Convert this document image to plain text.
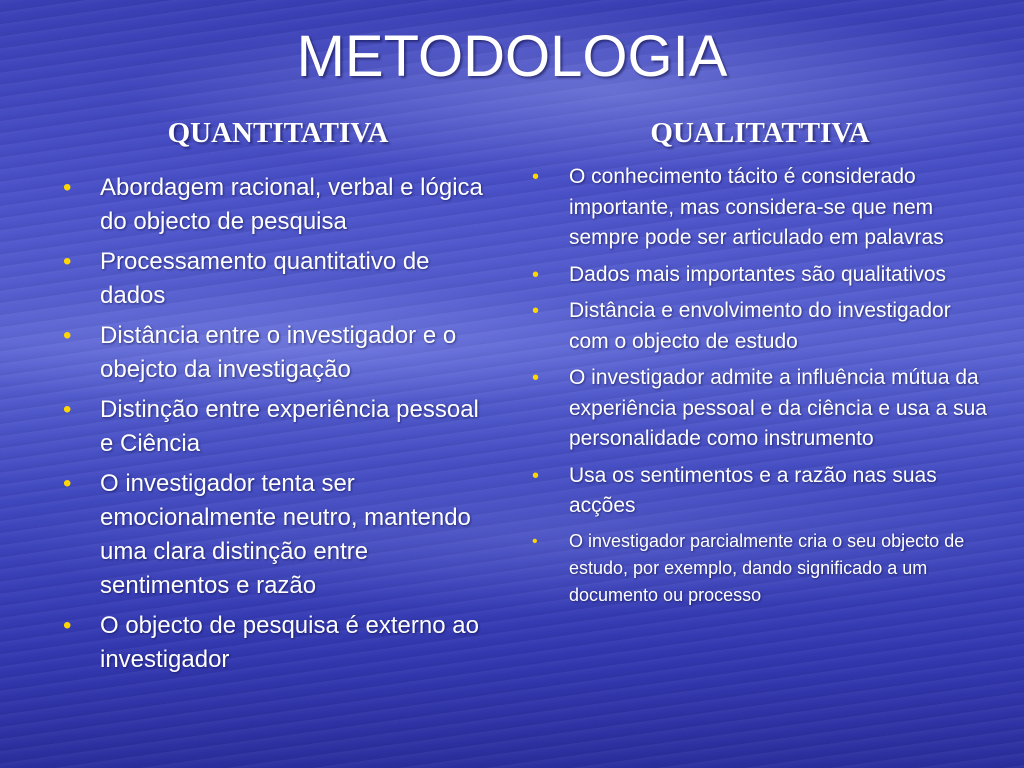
METODOLOGIA
QUANTITATIVA	QUALITATTIVA
• Abordagem racional, verbal e lógica do objecto de pesquisa
• Processamento quantitativo de dados
• Distância entre o investigador e o obejcto da investigação
• Distinção entre experiência pessoal e Ciência
• O investigador tenta ser emocionalmente neutro, mantendo uma clara distinção entre sentimentos e razão
• O objecto de pesquisa é externo ao investigador
• O conhecimento tácito é considerado importante, mas considera-se que nem sempre pode ser articulado em palavras
• Dados mais importantes são qualitativos
• Distância e envolvimento do investigador com o objecto de estudo
• O investigador admite a influência mútua da experiência pessoal e da ciência e usa a sua personalidade como instrumento
• Usa os sentimentos e a razão nas suas acções
• O investigador parcialmente cria o seu objecto de estudo, por exemplo, dando significado a um documento ou processo
